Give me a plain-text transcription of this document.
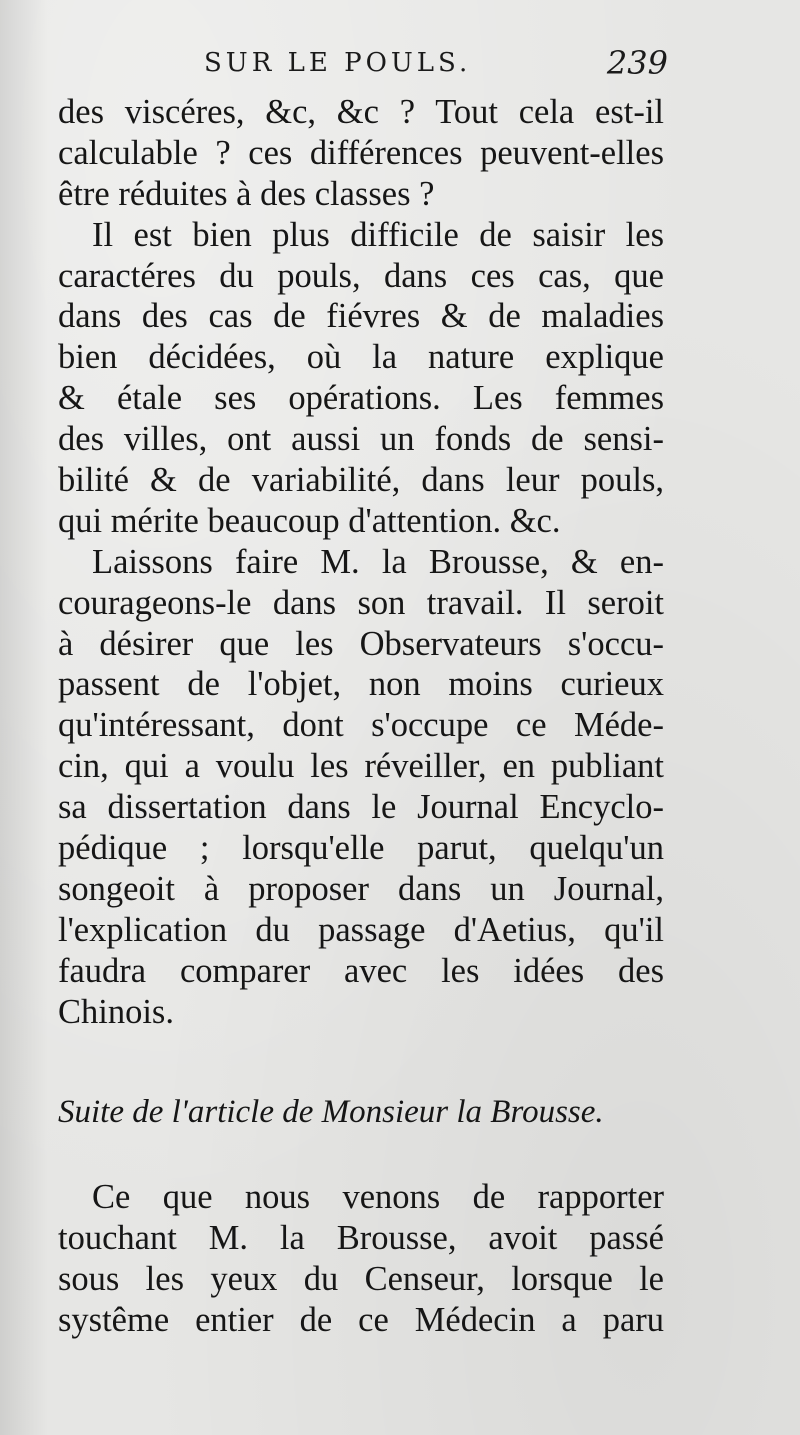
SUR LE POULS.	239
des viscéres, &c, &c ? Tout cela est-il
calculable ? ces différences peuvent-elles
être réduites à des classes ?
Il est bien plus difficile de saisir les
caractéres du pouls, dans ces cas, que
dans des cas de fiévres & de maladies
bien décidées, où la nature explique
& étale ses opérations. Les femmes
des villes, ont aussi un fonds de sensi-
bilité & de variabilité, dans leur pouls,
qui mérite beaucoup d'attention. &c.
Laissons faire M. la Brousse, & en-
courageons-le dans son travail. Il seroit
à désirer que les Observateurs s'occu-
passent de l'objet, non moins curieux
qu'intéressant, dont s'occupe ce Méde-
cin, qui a voulu les réveiller, en publiant
sa dissertation dans le Journal Encyclo-
pédique ; lorsqu'elle parut, quelqu'un
songeoit à proposer dans un Journal,
l'explication du passage d'Aetius, qu'il
faudra comparer avec les idées des
Chinois.
Suite de l'article de Monsieur la Brousse.
Ce que nous venons de rapporter
touchant M. la Brousse, avoit passé
sous les yeux du Censeur, lorsque le
systême entier de ce Médecin a paru
